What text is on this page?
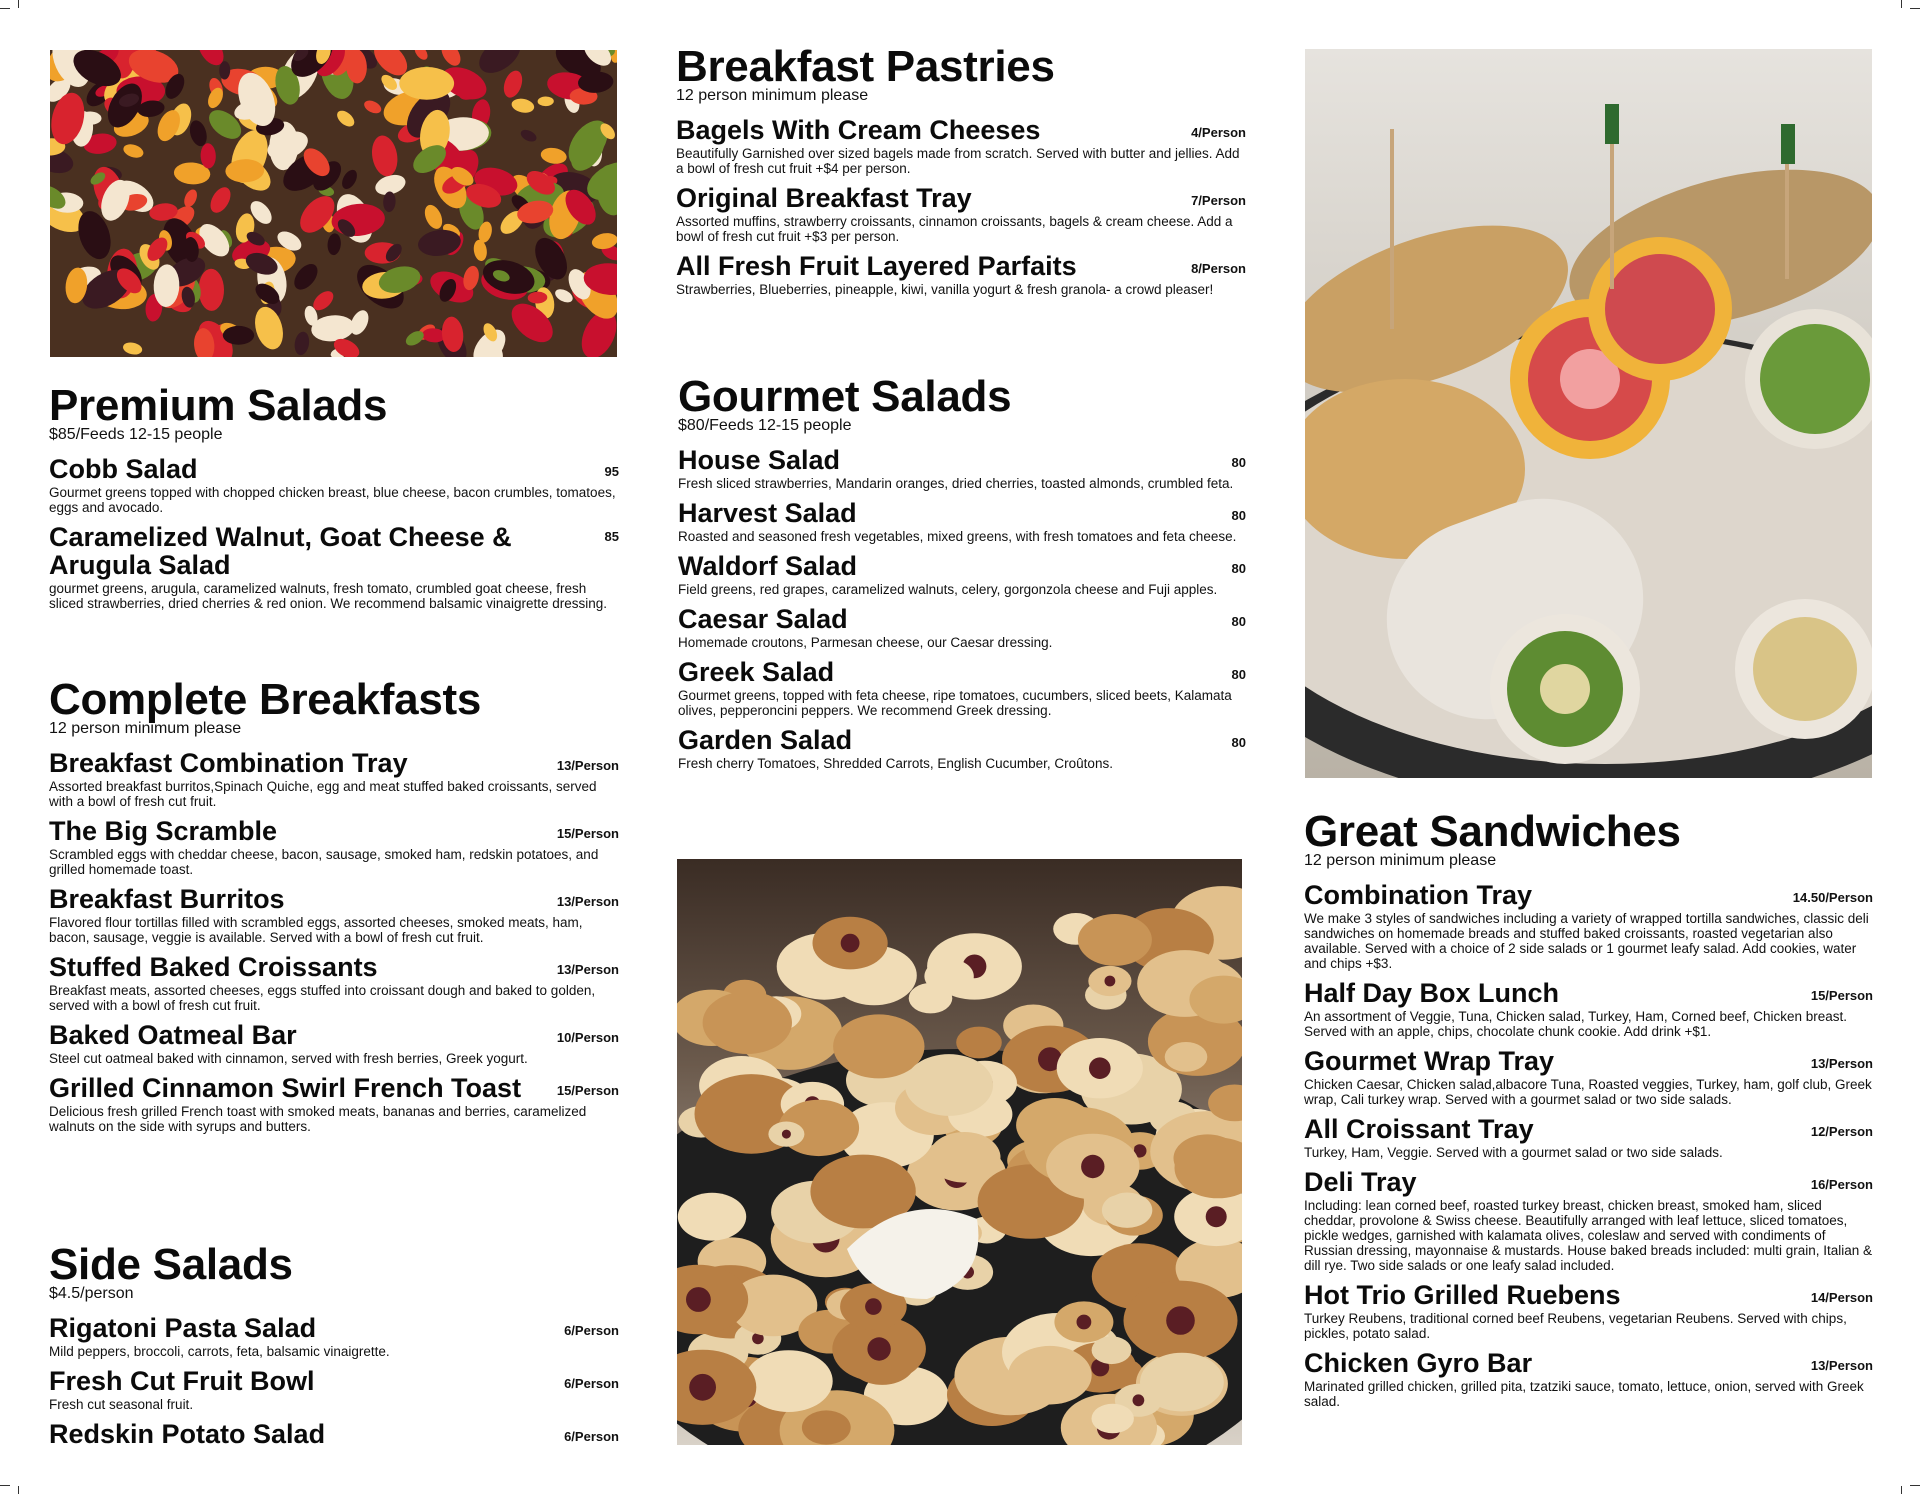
Premium Salads
$85/Feeds 12-15 people
Cobb Salad	95
Gourmet greens topped with chopped chicken breast, blue cheese, bacon crumbles, tomatoes, eggs and avocado.
Caramelized Walnut, Goat Cheese & Arugula Salad
85
gourmet greens, arugula, caramelized walnuts, fresh tomato, crumbled goat cheese, fresh sliced strawberries, dried cherries & red onion. We recommend balsamic vinaigrette dressing.
Complete Breakfasts
12 person minimum please
Breakfast Combination Tray	13/Person
Assorted breakfast burritos,Spinach Quiche, egg and meat stuffed baked croissants, served with a bowl of fresh cut fruit.
The Big Scramble	15/Person
Scrambled eggs with cheddar cheese, bacon, sausage, smoked ham, redskin potatoes, and grilled homemade toast.
Breakfast Burritos	13/Person
Flavored flour tortillas filled with scrambled eggs, assorted cheeses, smoked meats, ham, bacon, sausage, veggie is available. Served with a bowl of fresh cut fruit.
Stuffed Baked Croissants	13/Person
Breakfast meats, assorted cheeses, eggs stuffed into croissant dough and baked to golden, served with a bowl of fresh cut fruit.
Baked Oatmeal Bar	10/Person
Steel cut oatmeal baked with cinnamon, served with fresh berries, Greek yogurt.
Grilled Cinnamon Swirl French Toast	15/Person
Delicious fresh grilled French toast with smoked meats, bananas and berries, caramelized walnuts on the side with syrups and butters.
Side Salads
$4.5/person
Rigatoni Pasta Salad	6/Person
Mild peppers, broccoli, carrots, feta, balsamic vinaigrette.
Fresh Cut Fruit Bowl	6/Person
Fresh cut seasonal fruit.
Redskin Potato Salad	6/Person
Breakfast Pastries
12 person minimum please
Bagels With Cream Cheeses	4/Person
Beautifully Garnished over sized bagels made from scratch. Served with butter and jellies. Add a bowl of fresh cut fruit +$4 per person.
Original Breakfast Tray	7/Person
Assorted muffins, strawberry croissants, cinnamon croissants, bagels & cream cheese. Add a bowl of fresh cut fruit +$3 per person.
All Fresh Fruit Layered Parfaits	8/Person
Strawberries, Blueberries, pineapple, kiwi, vanilla yogurt & fresh granola- a crowd pleaser!
Gourmet Salads
$80/Feeds 12-15 people
House Salad	80
Fresh sliced strawberries, Mandarin oranges, dried cherries, toasted almonds, crumbled feta.
Harvest Salad	80
Roasted and seasoned fresh vegetables, mixed greens, with fresh tomatoes and feta cheese.
Waldorf Salad	80
Field greens, red grapes, caramelized walnuts, celery, gorgonzola cheese and Fuji apples.
Caesar Salad	80
Homemade croutons, Parmesan cheese, our Caesar dressing.
Greek Salad	80
Gourmet greens, topped with feta cheese, ripe tomatoes, cucumbers, sliced beets, Kalamata olives, pepperoncini peppers. We recommend Greek dressing.
Garden Salad	80
Fresh cherry Tomatoes, Shredded Carrots, English Cucumber, Croûtons.
Great Sandwiches
12 person minimum please
Combination Tray	14.50/Person
We make 3 styles of sandwiches including a variety of wrapped tortilla sandwiches, classic deli sandwiches on homemade breads and stuffed baked croissants, roasted vegetarian also available. Served with a choice of 2 side salads or 1 gourmet leafy salad. Add cookies, water and chips +$3.
Half Day Box Lunch	15/Person
An assortment of Veggie, Tuna, Chicken salad, Turkey, Ham, Corned beef, Chicken breast. Served with an apple, chips, chocolate chunk cookie. Add drink +$1.
Gourmet Wrap Tray	13/Person
Chicken Caesar, Chicken salad,albacore Tuna, Roasted veggies, Turkey, ham, golf club, Greek wrap, Cali turkey wrap. Served with a gourmet salad or two side salads.
All Croissant Tray	12/Person
Turkey, Ham, Veggie. Served with a gourmet salad or two side salads.
Deli Tray	16/Person
Including: lean corned beef, roasted turkey breast, chicken breast, smoked ham, sliced cheddar, provolone & Swiss cheese. Beautifully arranged with leaf lettuce, sliced tomatoes, pickle wedges, garnished with kalamata olives, coleslaw and served with condiments of Russian dressing, mayonnaise & mustards. House baked breads included: multi grain, Italian & dill rye. Two side salads or one leafy salad included.
Hot Trio Grilled Ruebens	14/Person
Turkey Reubens, traditional corned beef Reubens, vegetarian Reubens. Served with chips, pickles, potato salad.
Chicken Gyro Bar	13/Person
Marinated grilled chicken, grilled pita, tzatziki sauce, tomato, lettuce, onion, served with Greek salad.
